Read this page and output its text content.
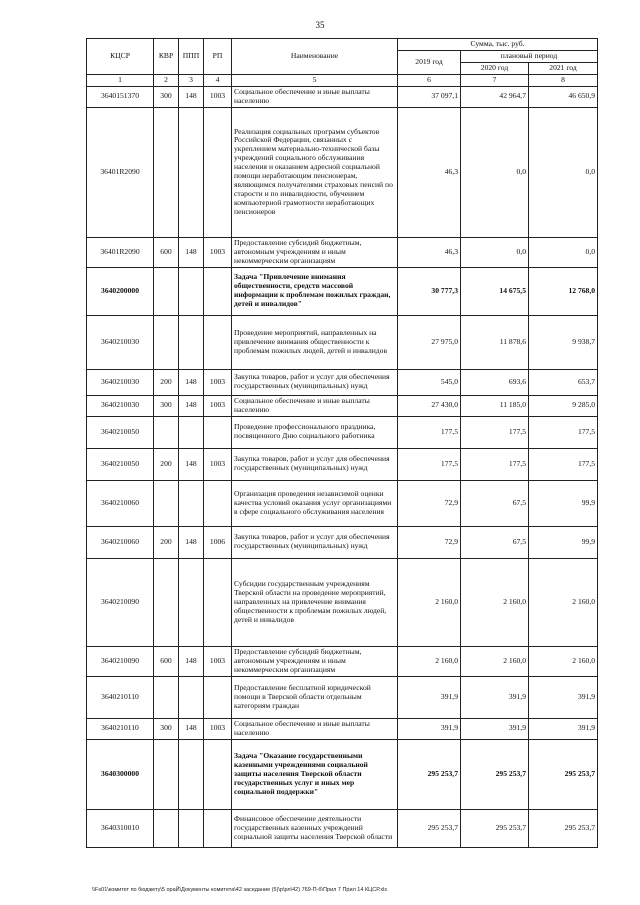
35
КЦСР	КВР	ППП	РП	Наименование	Сумма, тыс. руб.		
					2019 год	плановый период	
						2020 год	2021 год
1	2	3	4	5	6	7	8
3640151370	300	148	1003	Социальное обеспечение и иные выплаты населению	37 097,1	42 964,7	46 650,9
36401R2090				Реализация социальных программ субъектов Российской Федерации, связанных с укреплением материально-технической базы учреждений социального обслуживания населения и оказанием адресной социальной помощи неработающим пенсионерам, являющимся получателями страховых пенсий по старости и по инвалидности, обучением компьютерной грамотности неработающих пенсионеров	46,3	0,0	0,0
36401R2090	600	148	1003	Предоставление субсидий бюджетным, автономным учреждениям и иным некоммерческим организациям	46,3	0,0	0,0
3640200000				Задача "Привлечение внимания общественности, средств массовой информации к проблемам пожилых граждан, детей и инвалидов"	30 777,3	14 675,5	12 768,0
3640210030				Проведение мероприятий, направленных на привлечение внимания общественности к проблемам пожилых людей, детей и инвалидов	27 975,0	11 878,6	9 938,7
3640210030	200	148	1003	Закупка товаров, работ и услуг для обеспечения государственных (муниципальных) нужд	545,0	693,6	653,7
3640210030	300	148	1003	Социальное обеспечение и иные выплаты населению	27 430,0	11 185,0	9 285,0
3640210050				Проведение профессионального праздника, посвященного Дню социального работника	177,5	177,5	177,5
3640210050	200	148	1003	Закупка товаров, работ и услуг для обеспечения государственных (муниципальных) нужд	177,5	177,5	177,5
3640210060				Организация проведения независимой оценки качества условий оказания услуг организациями в сфере социального обслуживания населения	72,9	67,5	99,9
3640210060	200	148	1006	Закупка товаров, работ и услуг для обеспечения государственных (муниципальных) нужд	72,9	67,5	99,9
3640210090				Субсидии государственным учреждениям Тверской области на проведение мероприятий, направленных на привлечение внимания общественности к проблемам пожилых людей, детей и инвалидов	2 160,0	2 160,0	2 160,0
3640210090	600	148	1003	Предоставление субсидий бюджетным, автономным учреждениям и иным некоммерческим организациям	2 160,0	2 160,0	2 160,0
3640210110				Предоставление бесплатной юридической помощи в Тверской области отдельным категориям граждан	391,9	391,9	391,9
3640210110	300	148	1003	Социальное обеспечение и иные выплаты населению	391,9	391,9	391,9
3640300000				Задача "Оказание государственными казенными учреждениями социальной защиты населения Тверской области государственных услуг и иных мер социальной поддержки"	295 253,7	295 253,7	295 253,7
3640310010				Финансовое обеспечение деятельности государственных казенных учреждений социальной защиты населения Тверской области	295 253,7	295 253,7	295 253,7
\\Fs01\комитет по бюджету\5 ораЙ\Документы комитета\42 заседание (5)\р\рл\42) 769-П-б\Прил 7 Прил 14 КЦСР.xls
